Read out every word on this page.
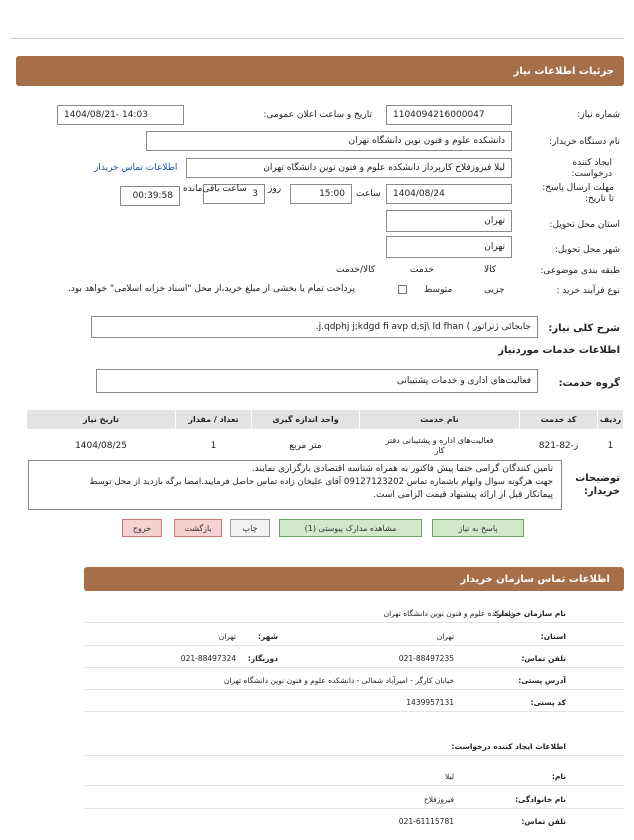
جزئیات اطلاعات نیاز
شماره نیاز:
1104094216000047
تاریخ و ساعت اعلان عمومی:
1404/08/21- 14:03
نام دستگاه خریدار:
دانشکده علوم و فنون نوین دانشگاه تهران
ایجاد کننده درخواست:
لیلا فیروزفلاح کارپرداز دانشکده علوم و فنون نوین دانشگاه تهران
اطلاعات تماس خریدار
مهلت ارسال پاسخ: تا تاریخ:
1404/08/24
ساعت
15:00
روز
3
ساعت باقی‌مانده
00:39:58
استان محل تحویل:
تهران
شهر محل تحویل:
تهران
طبقه بندی موضوعی:

کالا

خدمت

کالا/خدمت
نوع فرآیند خرید :

جزیی
متوسط
پرداخت تمام یا بخشی از مبلغ خرید،از محل "اسناد خزانه اسلامی" خواهد بود.
شرح کلی نیاز:
جابجائی ژنراتور ) j.qdphj j;kdgd fi avp d,sj\ ld fhan.
اطلاعات خدمات موردنیاز
گروه خدمت:
فعالیت‌های اداری و خدمات پشتیبانی
ردیف	کد خدمت	نام خدمت	واحد اندازه گیری	تعداد / مقدار	تاریخ نیاز
1	ز-82-821	فعالیت‌های اداره و پشتیبانی دفتر کار	متر مربع	1	1404/08/25
توضیحات خریدار:
تامین کنندگان گرامی حتما پیش فاکتور به همراه شناسه اقتصادی بارگزاری نمایند.
جهت هرگونه سوال وابهام باشماره تماس 09127123202 آقای علیخان زاده تماس حاصل فرمایید.امضا برگه بازدید از محل توسط
پیمانکار قبل از ارائه پیشنهاد قیمت الزامی است.
پاسخ به نیاز
مشاهده مدارک پیوستی (1)
چاپ
بازگشت
خروج
اطلاعات تماس سازمان خریدار
نام سازمان خریدار:
دانشکده علوم و فنون نوین دانشگاه تهران
استان:
تهران
شهر:
تهران
تلفن تماس:
021-88497235
دورنگار:
021-88497324
آدرس پستی:
خیابان کارگر - امیرآباد شمالی - دانشکده علوم و فنون نوین دانشگاه تهران
کد پستی:
1439957131
اطلاعات ایجاد کننده درخواست:
نام:
لیلا
نام خانوادگی:
فیروزفلاح
تلفن تماس:
021-61115781
